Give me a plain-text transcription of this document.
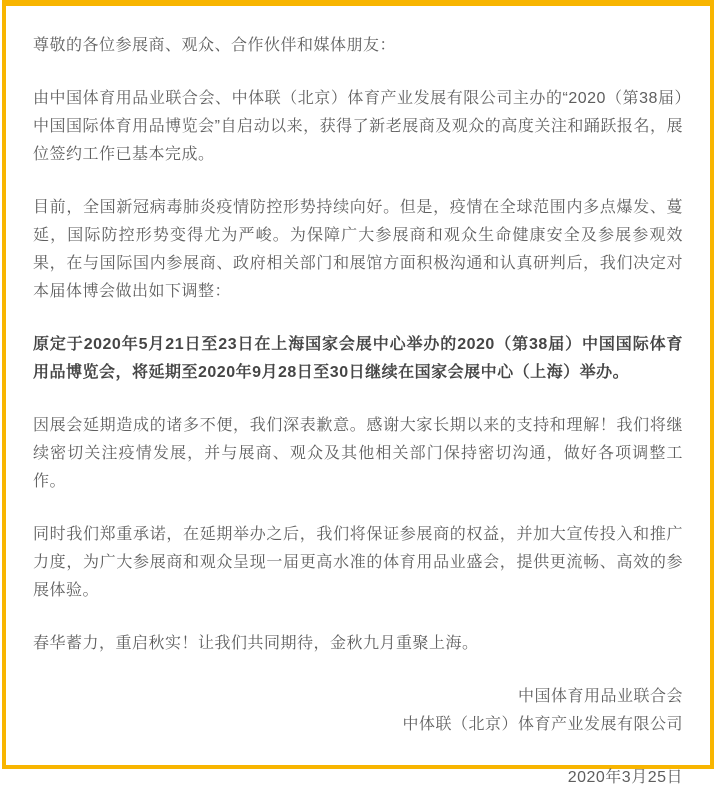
尊敬的各位参展商、观众、合作伙伴和媒体朋友：

由中国体育用品业联合会、中体联（北京）体育产业发展有限公司主办的“2020（第38届）中国国际体育用品博览会”自启动以来，获得了新老展商及观众的高度关注和踊跃报名，展位签约工作已基本完成。

目前，全国新冠病毒肺炎疫情防控形势持续向好。但是，疫情在全球范围内多点爆发、蔓延，国际防控形势变得尤为严峻。为保障广大参展商和观众生命健康安全及参展参观效果，在与国际国内参展商、政府相关部门和展馆方面积极沟通和认真研判后，我们决定对本届体博会做出如下调整：

原定于2020年5月21日至23日在上海国家会展中心举办的2020（第38届）中国国际体育用品博览会，将延期至2020年9月28日至30日继续在国家会展中心（上海）举办。

因展会延期造成的诸多不便，我们深表歉意。感谢大家长期以来的支持和理解！我们将继续密切关注疫情发展，并与展商、观众及其他相关部门保持密切沟通，做好各项调整工作。

同时我们郑重承诺，在延期举办之后，我们将保证参展商的权益，并加大宣传投入和推广力度，为广大参展商和观众呈现一届更高水准的体育用品业盛会，提供更流畅、高效的参展体验。

春华蓄力，重启秋实！让我们共同期待，金秋九月重聚上海。

中国体育用品业联合会

中体联（北京）体育产业发展有限公司

2020年3月25日
